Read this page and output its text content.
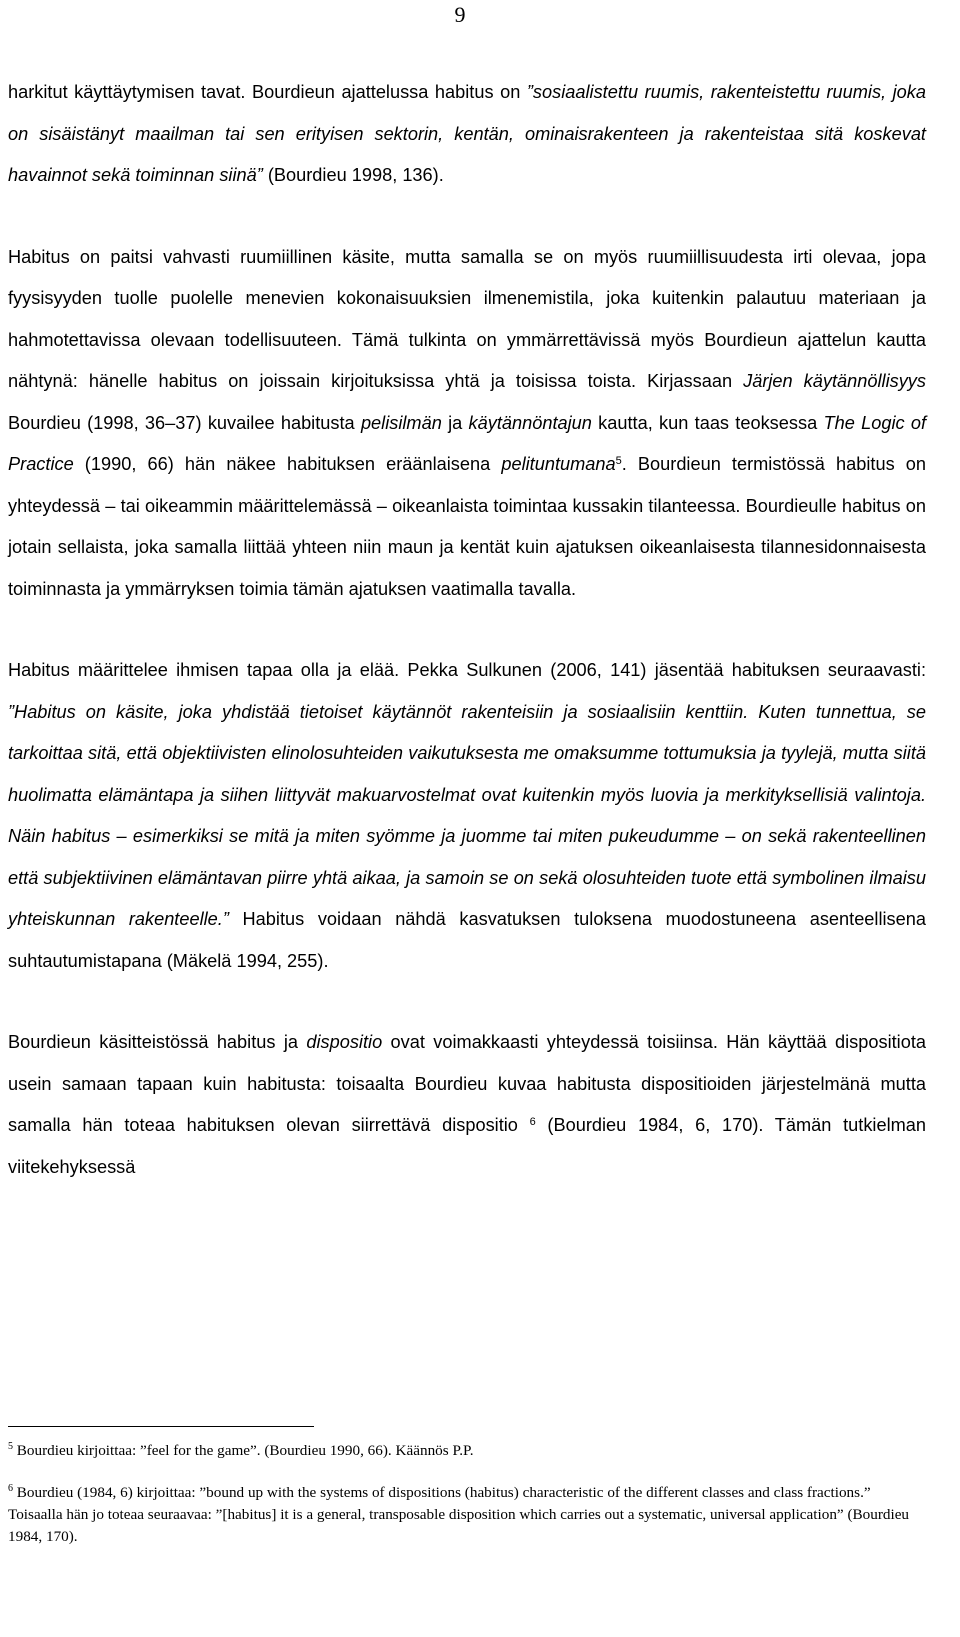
9

harkitut käyttäytymisen tavat. Bourdieun ajattelussa habitus on ”sosiaalistettu ruumis, rakenteistettu ruumis, joka on sisäistänyt maailman tai sen erityisen sektorin, kentän, ominaisrakenteen ja rakenteistaa sitä koskevat havainnot sekä toiminnan siinä” (Bourdieu 1998, 136).

Habitus on paitsi vahvasti ruumiillinen käsite, mutta samalla se on myös ruumiillisuudesta irti olevaa, jopa fyysisyyden tuolle puolelle menevien kokonaisuuksien ilmenemistila, joka kuitenkin palautuu materiaan ja hahmotettavissa olevaan todellisuuteen. Tämä tulkinta on ymmärrettävissä myös Bourdieun ajattelun kautta nähtynä: hänelle habitus on joissain kirjoituksissa yhtä ja toisissa toista. Kirjassaan Järjen käytännöllisyys Bourdieu (1998, 36–37) kuvailee habitusta pelisilmän ja käytännöntajun kautta, kun taas teoksessa The Logic of Practice (1990, 66) hän näkee habituksen eräänlaisena pelituntumana$^5$. Bourdieun termistössä habitus on yhteydessä – tai oikeammin määrittelemässä – oikeanlaista toimintaa kussakin tilanteessa. Bourdieulle habitus on jotain sellaista, joka samalla liittää yhteen niin maun ja kentät kuin ajatuksen oikeanlaisesta tilannesidonnaisesta toiminnasta ja ymmärryksen toimia tämän ajatuksen vaatimalla tavalla.

Habitus määrittelee ihmisen tapaa olla ja elää. Pekka Sulkunen (2006, 141) jäsentää habituksen seuraavasti: ”Habitus on käsite, joka yhdistää tietoiset käytännöt rakenteisiin ja sosiaalisiin kenttiin. Kuten tunnettua, se tarkoittaa sitä, että objektiivisten elinolosuhteiden vaikutuksesta me omaksumme tottumuksia ja tyylejä, mutta siitä huolimatta elämäntapa ja siihen liittyvät makuarvostelmat ovat kuitenkin myös luovia ja merkityksellisiä valintoja. Näin habitus – esimerkiksi se mitä ja miten syömme ja juomme tai miten pukeudumme – on sekä rakenteellinen että subjektiivinen elämäntavan piirre yhtä aikaa, ja samoin se on sekä olosuhteiden tuote että symbolinen ilmaisu yhteiskunnan rakenteelle.” Habitus voidaan nähdä kasvatuksen tuloksena muodostuneena asenteellisena suhtautumistapana (Mäkelä 1994, 255).

Bourdieun käsitteistössä habitus ja dispositio ovat voimakkaasti yhteydessä toisiinsa. Hän käyttää dispositiota usein samaan tapaan kuin habitusta: toisaalta Bourdieu kuvaa habitusta dispositioiden järjestelmänä mutta samalla hän toteaa habituksen olevan siirrettävä dispositio $^6$ (Bourdieu 1984, 6, 170). Tämän tutkielman viitekehyksessä

$^5$ Bourdieu kirjoittaa: ”feel for the game”. (Bourdieu 1990, 66). Käännös P.P.

$^6$ Bourdieu (1984, 6) kirjoittaa: ”bound up with the systems of dispositions (habitus) characteristic of the different classes and class fractions.” Toisaalla hän jo toteaa seuraavaa: ”[habitus] it is a general, transposable disposition which carries out a systematic, universal application” (Bourdieu 1984, 170).
